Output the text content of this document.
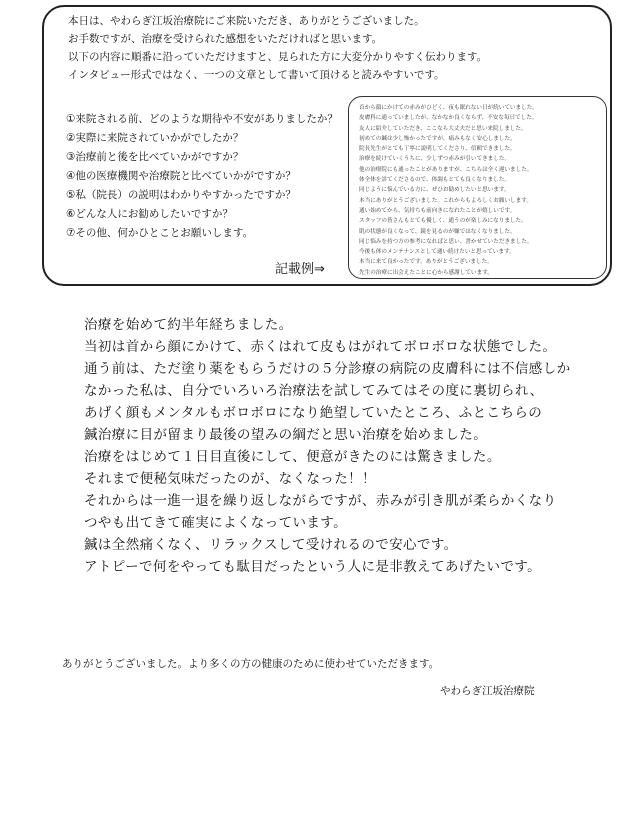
本日は、やわらぎ江坂治療院にご来院いただき、ありがとうございました。
お手数ですが、治療を受けられた感想をいただければと思います。
以下の内容に順番に沿っていただけますと、見られた方に大変分かりやすく伝わります。
インタビュー形式ではなく、一つの文章として書いて頂けると読みやすいです。
①来院される前、どのような期待や不安がありましたか？
②実際に来院されていかがでしたか？
③治療前と後を比べていかがですか？
④他の医療機関や治療院と比べていかがですか？
⑤私（院長）の説明はわかりやすかったですか？
⑥どんな人にお勧めしたいですか？
⑦その他、何かひとことお願いします。
記載例⇒
首から顔にかけての赤みがひどく、夜も眠れない日が続いていました。
皮膚科に通っていましたが、なかなか良くならず、不安な毎日でした。
友人に紹介していただき、ここなら大丈夫だと思い来院しました。
初めての鍼は少し怖かったですが、痛みもなく安心しました。
院長先生がとても丁寧に説明してくださり、信頼できました。
治療を続けていくうちに、少しずつ赤みが引いてきました。
他の治療院にも通ったことがありますが、こちらは全く違いました。
体全体を診てくださるので、体調もとても良くなりました。
同じように悩んでいる方に、ぜひお勧めしたいと思います。
本当にありがとうございました。これからもよろしくお願いします。
通い始めてから、気持ちも前向きになれたことが嬉しいです。
スタッフの皆さんもとても優しく、通うのが楽しみになりました。
肌の状態が良くなって、鏡を見るのが嫌ではなくなりました。
同じ悩みを持つ方の参考になればと思い、書かせていただきました。
今後も体のメンテナンスとして通い続けたいと思っています。
本当に来て良かったです。ありがとうございました。
先生の治療に出会えたことに心から感謝しています。
治療を始めて約半年経ちました。
当初は首から顔にかけて、赤くはれて皮もはがれてボロボロな状態でした。
通う前は、ただ塗り薬をもらうだけの５分診療の病院の皮膚科には不信感しか
なかった私は、自分でいろいろ治療法を試してみてはその度に裏切られ、
あげく顔もメンタルもボロボロになり絶望していたところ、ふとこちらの
鍼治療に目が留まり最後の望みの綱だと思い治療を始めました。
治療をはじめて１日目直後にして、便意がきたのには驚きました。
それまで便秘気味だったのが、なくなった！！
それからは一進一退を繰り返しながらですが、赤みが引き肌が柔らかくなり
つやも出てきて確実によくなっています。
鍼は全然痛くなく、リラックスして受けれるので安心です。
アトピーで何をやっても駄目だったという人に是非教えてあげたいです。
ありがとうございました。より多くの方の健康のために使わせていただきます。
やわらぎ江坂治療院
